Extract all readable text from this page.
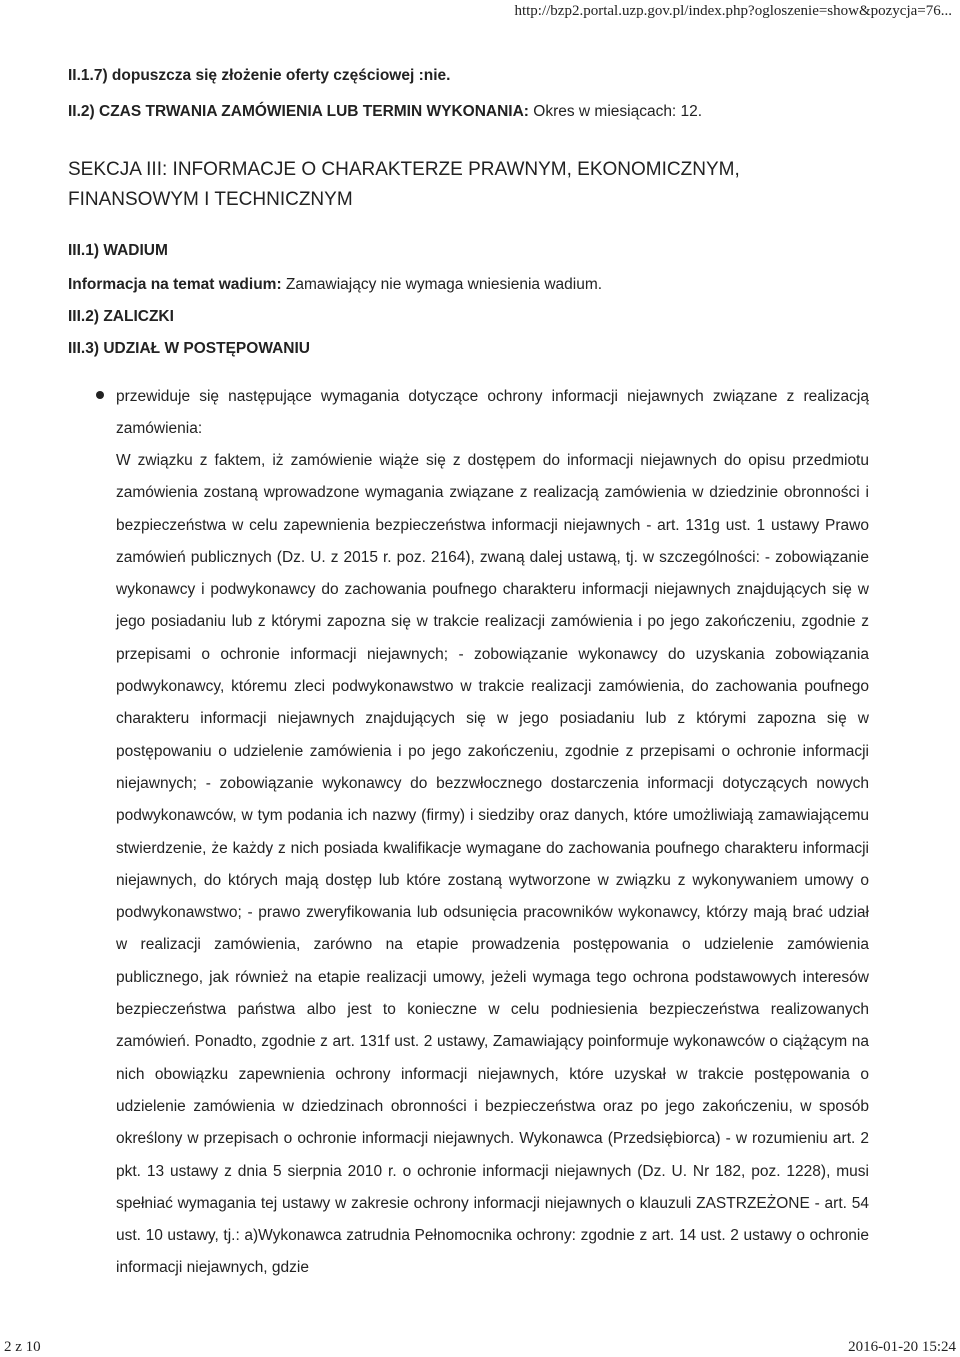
http://bzp2.portal.uzp.gov.pl/index.php?ogloszenie=show&pozycja=76...
II.1.7) dopuszcza się złożenie oferty częściowej :nie.
II.2) CZAS TRWANIA ZAMÓWIENIA LUB TERMIN WYKONANIA: Okres w miesiącach: 12.
SEKCJA III: INFORMACJE O CHARAKTERZE PRAWNYM, EKONOMICZNYM, FINANSOWYM I TECHNICZNYM
III.1) WADIUM
Informacja na temat wadium: Zamawiający nie wymaga wniesienia wadium.
III.2) ZALICZKI
III.3) UDZIAŁ W POSTĘPOWANIU
przewiduje się następujące wymagania dotyczące ochrony informacji niejawnych związane z realizacją zamówienia:
W związku z faktem, iż zamówienie wiąże się z dostępem do informacji niejawnych do opisu przedmiotu zamówienia zostaną wprowadzone wymagania związane z realizacją zamówienia w dziedzinie obronności i bezpieczeństwa w celu zapewnienia bezpieczeństwa informacji niejawnych - art. 131g ust. 1 ustawy Prawo zamówień publicznych (Dz. U. z 2015 r. poz. 2164), zwaną dalej ustawą, tj. w szczególności: - zobowiązanie wykonawcy i podwykonawcy do zachowania poufnego charakteru informacji niejawnych znajdujących się w jego posiadaniu lub z którymi zapozna się w trakcie realizacji zamówienia i po jego zakończeniu, zgodnie z przepisami o ochronie informacji niejawnych; - zobowiązanie wykonawcy do uzyskania zobowiązania podwykonawcy, któremu zleci podwykonawstwo w trakcie realizacji zamówienia, do zachowania poufnego charakteru informacji niejawnych znajdujących się w jego posiadaniu lub z którymi zapozna się w postępowaniu o udzielenie zamówienia i po jego zakończeniu, zgodnie z przepisami o ochronie informacji niejawnych; - zobowiązanie wykonawcy do bezzwłocznego dostarczenia informacji dotyczących nowych podwykonawców, w tym podania ich nazwy (firmy) i siedziby oraz danych, które umożliwiają zamawiającemu stwierdzenie, że każdy z nich posiada kwalifikacje wymagane do zachowania poufnego charakteru informacji niejawnych, do których mają dostęp lub które zostaną wytworzone w związku z wykonywaniem umowy o podwykonawstwo; - prawo zweryfikowania lub odsunięcia pracowników wykonawcy, którzy mają brać udział w realizacji zamówienia, zarówno na etapie prowadzenia postępowania o udzielenie zamówienia publicznego, jak również na etapie realizacji umowy, jeżeli wymaga tego ochrona podstawowych interesów bezpieczeństwa państwa albo jest to konieczne w celu podniesienia bezpieczeństwa realizowanych zamówień. Ponadto, zgodnie z art. 131f ust. 2 ustawy, Zamawiający poinformuje wykonawców o ciążącym na nich obowiązku zapewnienia ochrony informacji niejawnych, które uzyskał w trakcie postępowania o udzielenie zamówienia w dziedzinach obronności i bezpieczeństwa oraz po jego zakończeniu, w sposób określony w przepisach o ochronie informacji niejawnych. Wykonawca (Przedsiębiorca) - w rozumieniu art. 2 pkt. 13 ustawy z dnia 5 sierpnia 2010 r. o ochronie informacji niejawnych (Dz. U. Nr 182, poz. 1228), musi spełniać wymagania tej ustawy w zakresie ochrony informacji niejawnych o klauzuli ZASTRZEŻONE - art. 54 ust. 10 ustawy, tj.: a)Wykonawca zatrudnia Pełnomocnika ochrony: zgodnie z art. 14 ust. 2 ustawy o ochronie informacji niejawnych, gdzie
2 z 10	2016-01-20 15:24
